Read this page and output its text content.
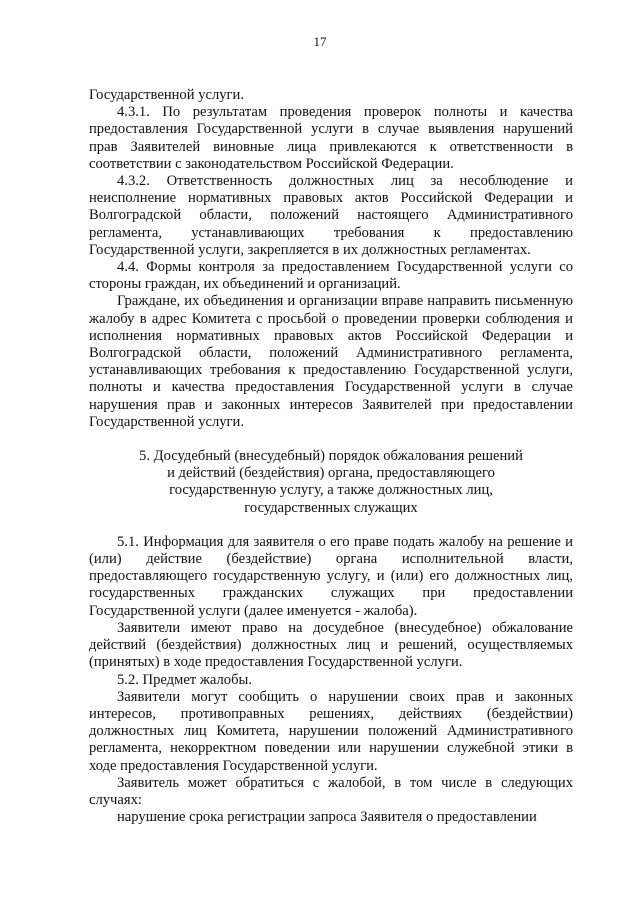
17

Государственной услуги.

4.3.1. По результатам проведения проверок полноты и качества предоставления Государственной услуги в случае выявления нарушений прав Заявителей виновные лица привлекаются к ответственности в соответствии с законодательством Российской Федерации.

4.3.2. Ответственность должностных лиц за несоблюдение и неисполнение нормативных правовых актов Российской Федерации и Волгоградской области, положений настоящего Административного регламента, устанавливающих требования к предоставлению Государственной услуги, закрепляется в их должностных регламентах.

4.4. Формы контроля за предоставлением Государственной услуги со стороны граждан, их объединений и организаций.

Граждане, их объединения и организации вправе направить письменную жалобу в адрес Комитета с просьбой о проведении проверки соблюдения и исполнения нормативных правовых актов Российской Федерации и Волгоградской области, положений Административного регламента, устанавливающих требования к предоставлению Государственной услуги, полноты и качества предоставления Государственной услуги в случае нарушения прав и законных интересов Заявителей при предоставлении Государственной услуги.

5. Досудебный (внесудебный) порядок обжалования решений
и действий (бездействия) органа, предоставляющего
государственную услугу, а также должностных лиц,
государственных служащих

5.1. Информация для заявителя о его праве подать жалобу на решение и (или) действие (бездействие) органа исполнительной власти, предоставляющего государственную услугу, и (или) его должностных лиц, государственных гражданских служащих при предоставлении Государственной услуги (далее именуется - жалоба).

Заявители имеют право на досудебное (внесудебное) обжалование действий (бездействия) должностных лиц и решений, осуществляемых (принятых) в ходе предоставления Государственной услуги.

5.2. Предмет жалобы.

Заявители могут сообщить о нарушении своих прав и законных интересов, противоправных решениях, действиях (бездействии) должностных лиц Комитета, нарушении положений Административного регламента, некорректном поведении или нарушении служебной этики в ходе предоставления Государственной услуги.

Заявитель может обратиться с жалобой, в том числе в следующих случаях:

нарушение срока регистрации запроса Заявителя о предоставлении
